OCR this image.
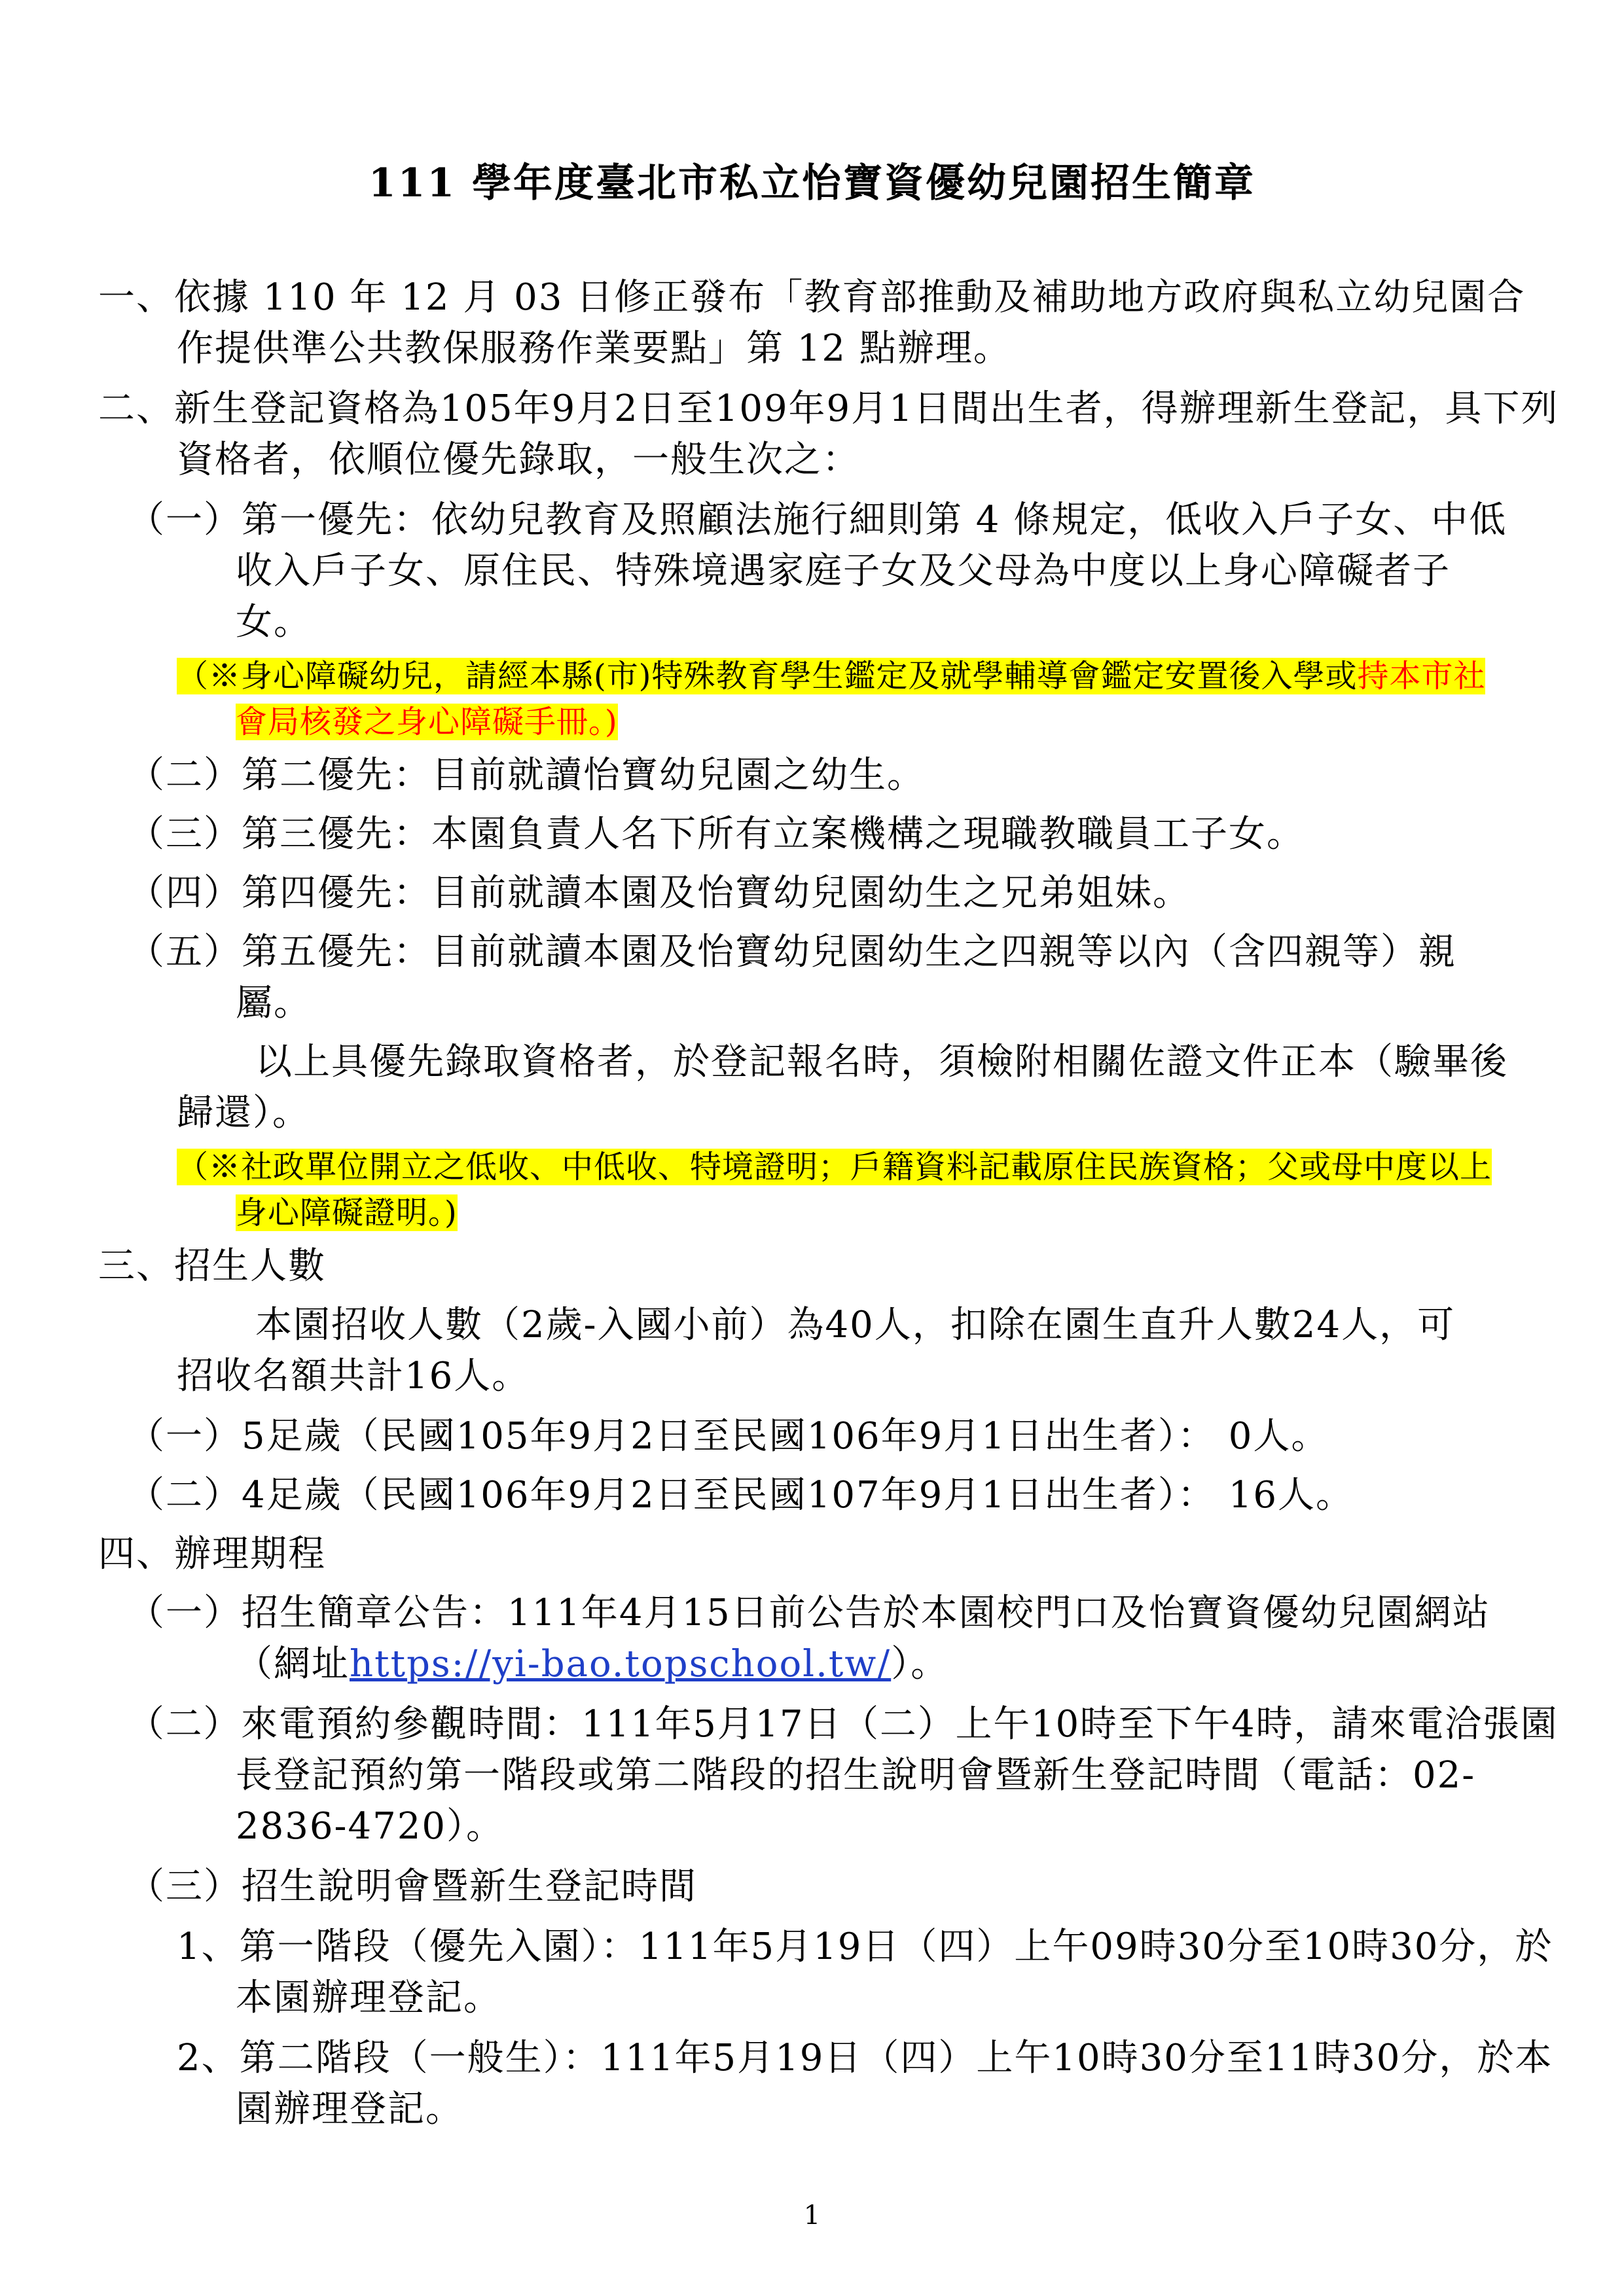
111 學年度臺北市私立怡寶資優幼兒園招生簡章
一、依據 110 年 12 月 03 日修正發布「教育部推動及補助地方政府與私立幼兒園合
作提供準公共教保服務作業要點」第 12 點辦理。
二、新生登記資格為105年9月2日至109年9月1日間出生者，得辦理新生登記，具下列
資格者，依順位優先錄取，一般生次之：
（一）第一優先：依幼兒教育及照顧法施行細則第 4 條規定，低收入戶子女、中低
收入戶子女、原住民、特殊境遇家庭子女及父母為中度以上身心障礙者子
女。
（※身心障礙幼兒，請經本縣(市)特殊教育學生鑑定及就學輔導會鑑定安置後入學或持本市社
會局核發之身心障礙手冊。)
（二）第二優先：目前就讀怡寶幼兒園之幼生。
（三）第三優先：本園負責人名下所有立案機構之現職教職員工子女。
（四）第四優先：目前就讀本園及怡寶幼兒園幼生之兄弟姐妹。
（五）第五優先：目前就讀本園及怡寶幼兒園幼生之四親等以內（含四親等）親
屬。
以上具優先錄取資格者，於登記報名時，須檢附相關佐證文件正本（驗畢後
歸還）。
（※社政單位開立之低收、中低收、特境證明；戶籍資料記載原住民族資格；父或母中度以上
身心障礙證明。)
三、招生人數
本園招收人數（2歲-入國小前）為40人，扣除在園生直升人數24人，可
招收名額共計16人。
（一）5足歲（民國105年9月2日至民國106年9月1日出生者）： 0人。
（二）4足歲（民國106年9月2日至民國107年9月1日出生者）： 16人。
四、辦理期程
（一）招生簡章公告：111年4月15日前公告於本園校門口及怡寶資優幼兒園網站
（網址https://yi-bao.topschool.tw/）。
（二）來電預約參觀時間：111年5月17日（二）上午10時至下午4時，請來電洽張園
長登記預約第一階段或第二階段的招生說明會暨新生登記時間（電話：02-
2836-4720）。
（三）招生說明會暨新生登記時間
1、第一階段（優先入園）：111年5月19日（四）上午09時30分至10時30分，於
本園辦理登記。
2、第二階段（一般生）：111年5月19日（四）上午10時30分至11時30分，於本
園辦理登記。
1
